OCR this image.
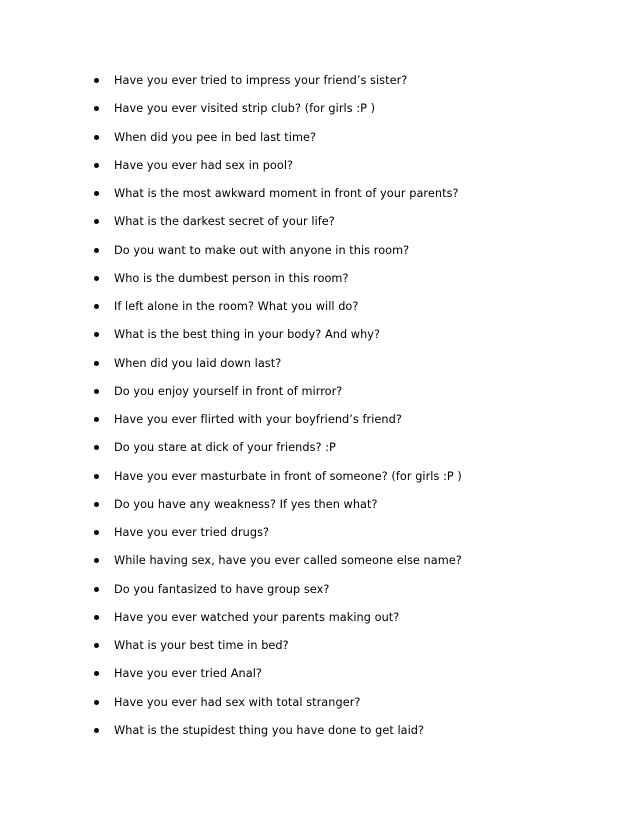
Have you ever tried to impress your friend’s sister?
Have you ever visited strip club? (for girls :P )
When did you pee in bed last time?
Have you ever had sex in pool?
What is the most awkward moment in front of your parents?
What is the darkest secret of your life?
Do you want to make out with anyone in this room?
Who is the dumbest person in this room?
If left alone in the room? What you will do?
What is the best thing in your body? And why?
When did you laid down last?
Do you enjoy yourself in front of mirror?
Have you ever flirted with your boyfriend’s friend?
Do you stare at dick of your friends? :P
Have you ever masturbate in front of someone? (for girls :P )
Do you have any weakness? If yes then what?
Have you ever tried drugs?
While having sex, have you ever called someone else name?
Do you fantasized to have group sex?
Have you ever watched your parents making out?
What is your best time in bed?
Have you ever tried Anal?
Have you ever had sex with total stranger?
What is the stupidest thing you have done to get laid?
